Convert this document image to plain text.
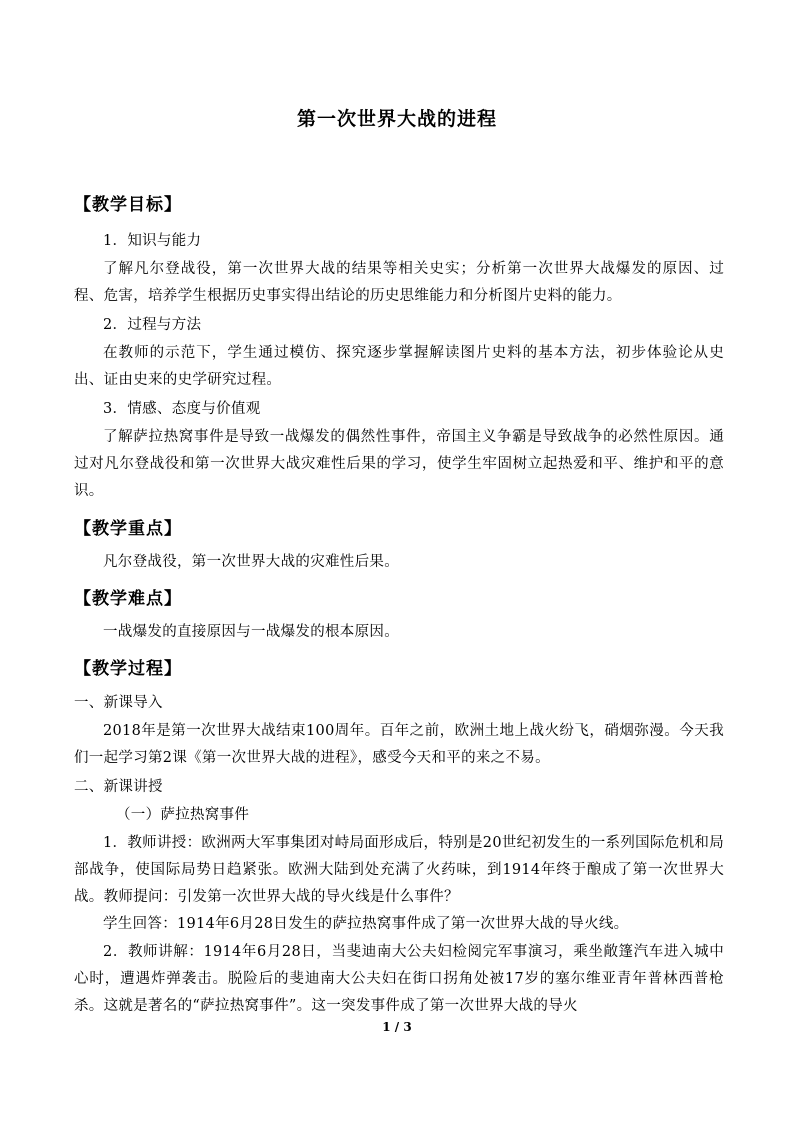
第一次世界大战的进程
【教学目标】
1．知识与能力
了解凡尔登战役，第一次世界大战的结果等相关史实；分析第一次世界大战爆发的原因、过程、危害，培养学生根据历史事实得出结论的历史思维能力和分析图片史料的能力。
2．过程与方法
在教师的示范下，学生通过模仿、探究逐步掌握解读图片史料的基本方法，初步体验论从史出、证由史来的史学研究过程。
3．情感、态度与价值观
了解萨拉热窝事件是导致一战爆发的偶然性事件，帝国主义争霸是导致战争的必然性原因。通过对凡尔登战役和第一次世界大战灾难性后果的学习，使学生牢固树立起热爱和平、维护和平的意识。
【教学重点】
凡尔登战役，第一次世界大战的灾难性后果。
【教学难点】
一战爆发的直接原因与一战爆发的根本原因。
【教学过程】
一、新课导入
2018年是第一次世界大战结束100周年。百年之前，欧洲土地上战火纷飞，硝烟弥漫。今天我们一起学习第2课《第一次世界大战的进程》，感受今天和平的来之不易。
二、新课讲授
（一）萨拉热窝事件
1．教师讲授：欧洲两大军事集团对峙局面形成后，特别是20世纪初发生的一系列国际危机和局部战争，使国际局势日趋紧张。欧洲大陆到处充满了火药味，到1914年终于酿成了第一次世界大战。教师提问：引发第一次世界大战的导火线是什么事件？
学生回答：1914年6月28日发生的萨拉热窝事件成了第一次世界大战的导火线。
2．教师讲解：1914年6月28日，当斐迪南大公夫妇检阅完军事演习，乘坐敞篷汽车进入城中心时，遭遇炸弹袭击。脱险后的斐迪南大公夫妇在街口拐角处被17岁的塞尔维亚青年普林西普枪杀。这就是著名的“萨拉热窝事件”。这一突发事件成了第一次世界大战的导火
1 / 3
